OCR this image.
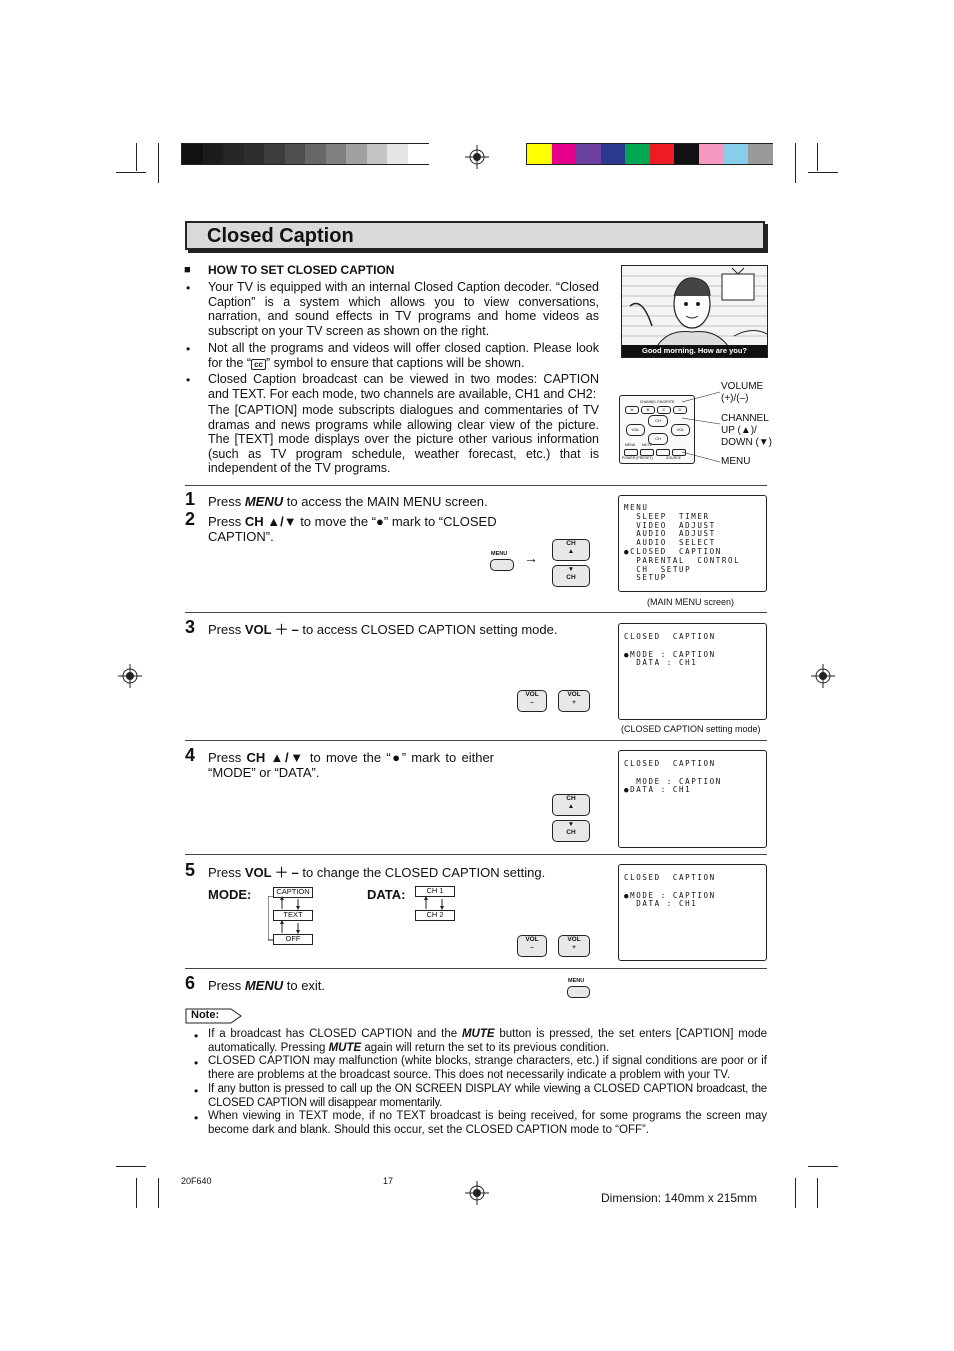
Closed Caption
■ HOW TO SET CLOSED CAPTION
• Your TV is equipped with an internal Closed Caption decoder. “Closed Caption” is a system which allows you to view conversations, narration, and sound effects in TV programs and home videos as subscript on your TV screen as shown on the right.
• Not all the programs and videos will offer closed caption. Please look for the “ cc ” symbol to ensure that captions will be shown.
• Closed Caption broadcast can be viewed in two modes: CAPTION and TEXT. For each mode, two channels are available, CH1 and CH2:
The [CAPTION] mode subscripts dialogues and commentaries of TV dramas and news programs while allowing clear view of the picture. The [TEXT] mode displays over the picture other various information (such as TV program schedule, weather forecast, etc.) that is independent of the TV programs.
Good morning. How are you?
CHANNEL FAVORITE
A	B	C	D
CH
CH
VOL	VOL
MENU MUTE
POWER (PRESET)	SOURCE
VOLUME
(+)/(–)
CHANNEL
UP (▲)/
DOWN (▼)
MENU
1 Press MENU to access the MAIN MENU screen.
2 Press CH ▲/▼ to move the “●” mark to “CLOSED CAPTION”.
MENU →
CH
▲
▼
CH
MENU
SLEEP  TIMER
VIDEO  ADJUST
AUDIO  ADJUST
AUDIO  SELECT
●CLOSED  CAPTION
PARENTAL  CONTROL
CH  SETUP
SETUP
(MAIN MENU screen)
3 Press VOL ＋ – to access CLOSED CAPTION setting mode.
VOL
–
VOL
+
CLOSED  CAPTION

●MODE : CAPTION
DATA : CH1
(CLOSED CAPTION setting mode)
4 Press CH ▲/▼ to move the “●” mark to either “MODE” or “DATA”.
CH
▲
▼
CH
CLOSED  CAPTION

MODE : CAPTION
●DATA : CH1
5 Press VOL ＋ – to change the CLOSED CAPTION setting.
MODE:	CAPTION
TEXT
OFF
DATA:	CH 1
CH 2
VOL
–
VOL
+
CLOSED  CAPTION

●MODE : CAPTION
DATA : CH1
6 Press MENU to exit.	MENU
Note:
• If a broadcast has CLOSED CAPTION and the MUTE button is pressed, the set enters [CAPTION] mode automatically. Pressing MUTE again will return the set to its previous condition.
• CLOSED CAPTION may malfunction (white blocks, strange characters, etc.) if signal conditions are poor or if there are problems at the broadcast source. This does not necessarily indicate a problem with your TV.
• If any button is pressed to call up the ON SCREEN DISPLAY while viewing a CLOSED CAPTION broadcast, the CLOSED CAPTION will disappear momentarily.
• When viewing in TEXT mode, if no TEXT broadcast is being received, for some programs the screen may become dark and blank. Should this occur, set the CLOSED CAPTION mode to “OFF”.
20F640	17
Dimension: 140mm x 215mm
